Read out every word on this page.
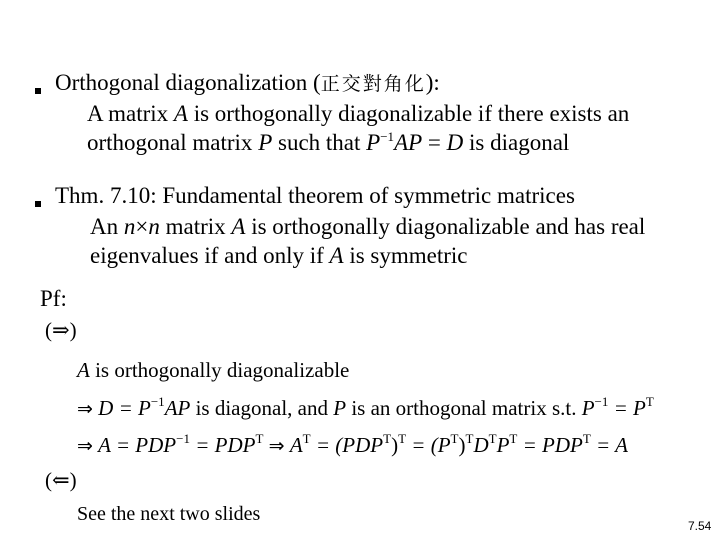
Orthogonal diagonalization (正交對角化):
A matrix A is orthogonally diagonalizable if there exists an
orthogonal matrix P such that $P^{-1}AP = D$ is diagonal
Thm. 7.10: Fundamental theorem of symmetric matrices
An n×n matrix A is orthogonally diagonalizable and has real
eigenvalues if and only if A is symmetric
Pf:
(⇒)
A is orthogonally diagonalizable
⇒ $D = P^{-1}AP$ is diagonal, and P is an orthogonal matrix s.t. $P^{-1} = P^T$
⇒ $A = PDP^{-1} = PDP^T$ ⇒ $A^T = (PDP^T)^T = (P^T)^TD^TP^T = PDP^T = A$
(⇐)
See the next two slides
7.54
